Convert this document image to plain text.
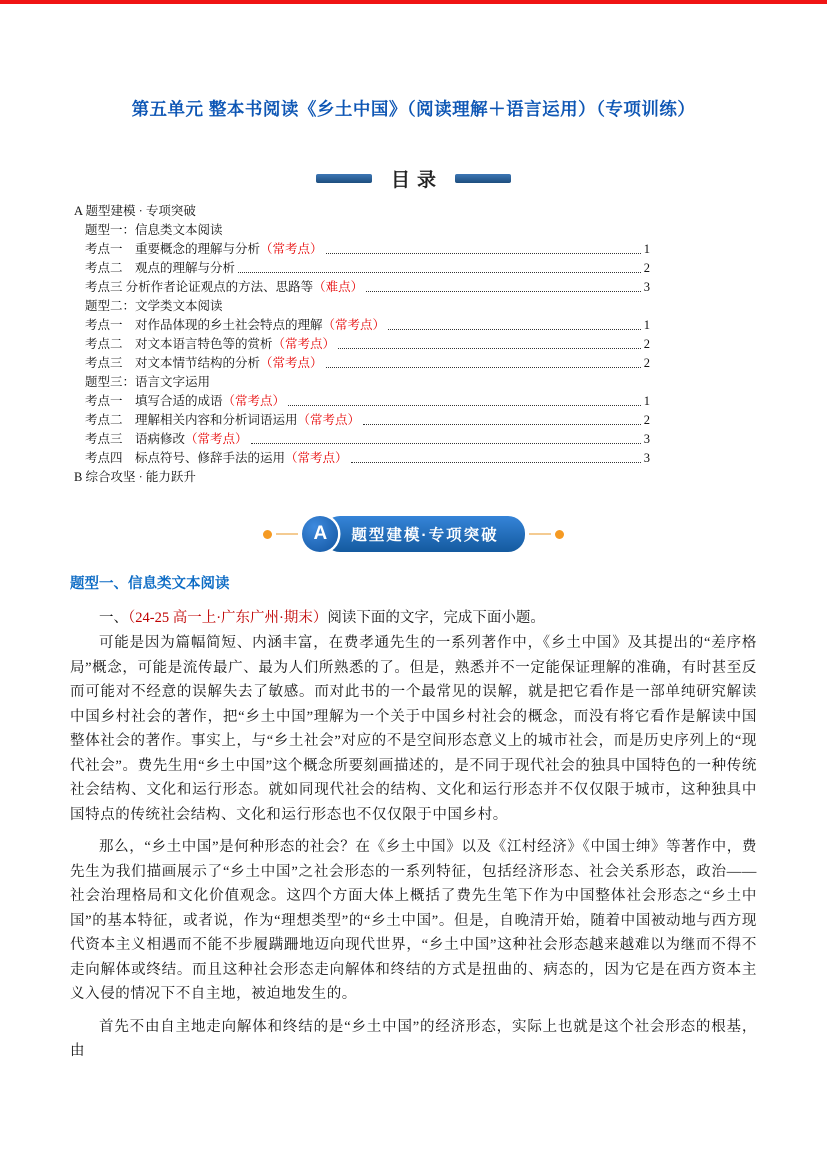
第五单元 整本书阅读《乡土中国》（阅读理解＋语言运用）（专项训练）
目录
A 题型建模 · 专项突破
题型一：信息类文本阅读
考点一　重要概念的理解与分析（常考点）	1
考点二　观点的理解与分析	2
考点三 分析作者论证观点的方法、思路等（难点）	3
题型二：文学类文本阅读
考点一　对作品体现的乡土社会特点的理解（常考点）	1
考点二　对文本语言特色等的赏析（常考点）	2
考点三　对文本情节结构的分析（常考点）	2
题型三：语言文字运用
考点一　填写合适的成语（常考点）	1
考点二　理解相关内容和分析词语运用（常考点）	2
考点三　语病修改（常考点）	3
考点四　标点符号、修辞手法的运用（常考点）	3
B 综合攻坚 · 能力跃升
A	题型建模·专项突破
题型一、信息类文本阅读

一、（24-25 高一上·广东广州·期末）阅读下面的文字，完成下面小题。

可能是因为篇幅简短、内涵丰富，在费孝通先生的一系列著作中，《乡土中国》及其提出的“差序格局”概念，可能是流传最广、最为人们所熟悉的了。但是，熟悉并不一定能保证理解的准确，有时甚至反而可能对不经意的误解失去了敏感。而对此书的一个最常见的误解，就是把它看作是一部单纯研究解读中国乡村社会的著作，把“乡土中国”理解为一个关于中国乡村社会的概念，而没有将它看作是解读中国整体社会的著作。事实上，与“乡土社会”对应的不是空间形态意义上的城市社会，而是历史序列上的“现代社会”。费先生用“乡土中国”这个概念所要刻画描述的，是不同于现代社会的独具中国特色的一种传统社会结构、文化和运行形态。就如同现代社会的结构、文化和运行形态并不仅仅限于城市，这种独具中国特点的传统社会结构、文化和运行形态也不仅仅限于中国乡村。

那么，“乡土中国”是何种形态的社会？在《乡土中国》以及《江村经济》《中国士绅》等著作中，费先生为我们描画展示了“乡土中国”之社会形态的一系列特征，包括经济形态、社会关系形态，政治——社会治理格局和文化价值观念。这四个方面大体上概括了费先生笔下作为中国整体社会形态之“乡土中国”的基本特征，或者说，作为“理想类型”的“乡土中国”。但是，自晚清开始，随着中国被动地与西方现代资本主义相遇而不能不步履蹒跚地迈向现代世界，“乡土中国”这种社会形态越来越难以为继而不得不走向解体或终结。而且这种社会形态走向解体和终结的方式是扭曲的、病态的，因为它是在西方资本主义入侵的情况下不自主地，被迫地发生的。

首先不由自主地走向解体和终结的是“乡土中国”的经济形态，实际上也就是这个社会形态的根基，由
